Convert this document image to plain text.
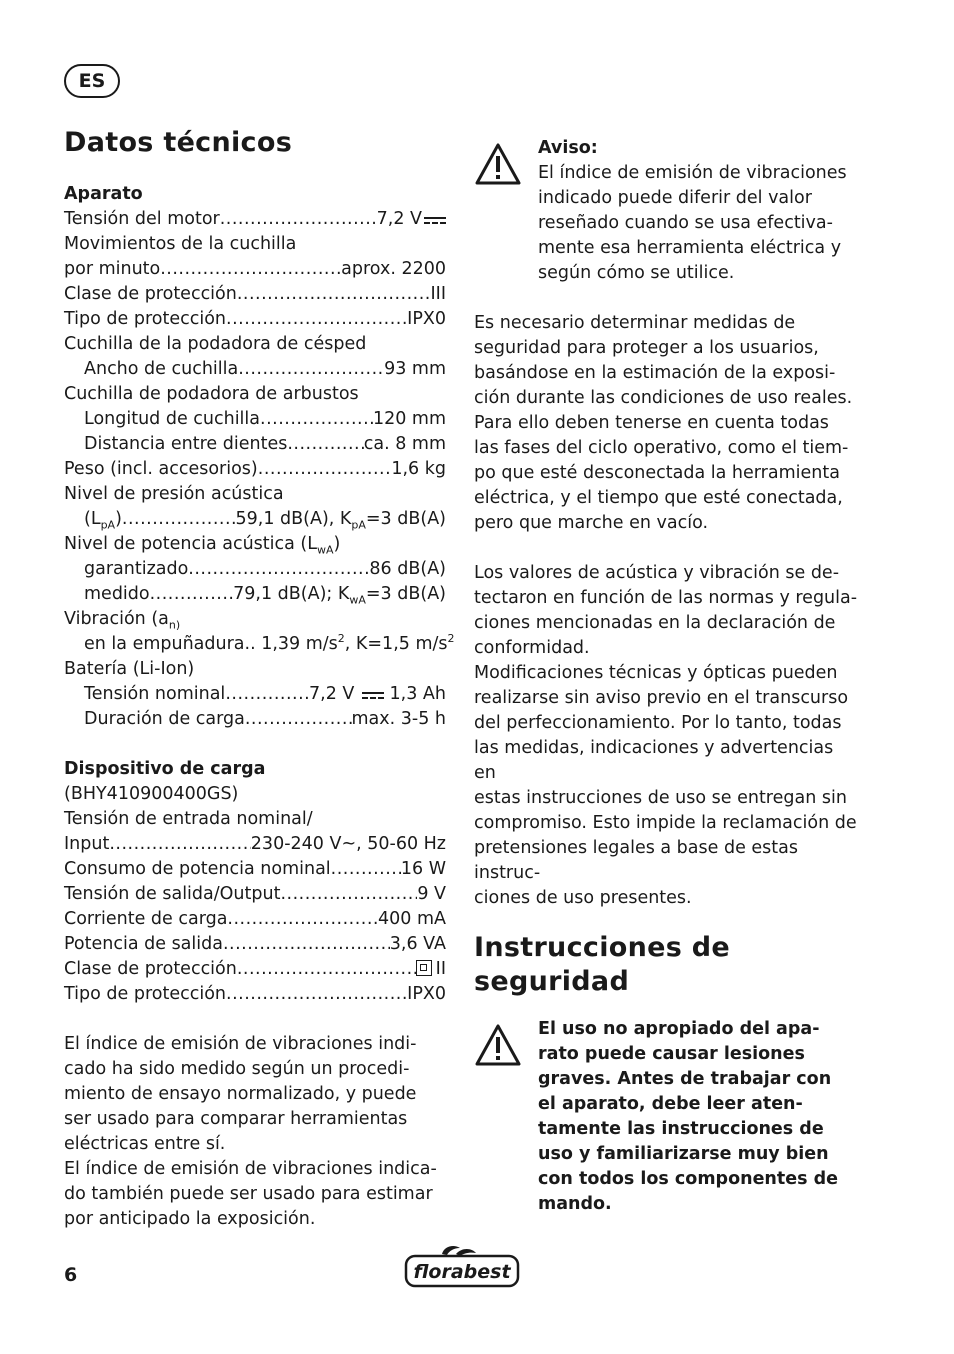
ES
Datos técnicos
Aparato
Tensión del motor .....	7,2 V
Movimientos de la cuchilla
por minuto .....	aprox. 2200
Clase de protección .....	III
Tipo de protección .....	IPX0
Cuchilla de la podadora de césped
Ancho de cuchilla .....	93 mm
Cuchilla de podadora de arbustos
Longitud de cuchilla .....	120 mm
Distancia entre dientes .....	ca. 8 mm
Peso (incl. accesorios) .....	1,6 kg
Nivel de presión acústica
$(L_{pA})$ .....	59,1 dB(A), $K_{pA}=3$ dB(A)
Nivel de potencia acústica $(L_{wA})$
garantizado .....	86 dB(A)
medido .....	79,1 dB(A); $K_{wA}=3$ dB(A)
Vibración ($a_{n)}$
en la empuñadura.. 1,39 $m/s^2$, K=1,5 $m/s^2$
Batería (Li-Ion)
Tensión nominal .....	7,2 V  1,3 Ah
Duración de carga .....	max. 3-5 h
Dispositivo de carga
(BHY410900400GS)
Tensión de entrada nominal/
Input .....	230-240 V~, 50-60 Hz
Consumo de potencia nominal .....	16 W
Tensión de salida/Output .....	9 V
Corriente de carga .....	400 mA
Potencia de salida .....	3,6 VA
Clase de protección .....	II
Tipo de protección .....	IPX0
El índice de emisión de vibraciones indi-
cado ha sido medido según un procedi-
miento de ensayo normalizado, y puede
ser usado para comparar herramientas
eléctricas entre sí.
El índice de emisión de vibraciones indica-
do también puede ser usado para estimar
por anticipado la exposición.
Aviso:

El índice de emisión de vibraciones

indicado puede diferir del valor

reseñado cuando se usa efectiva-

mente esa herramienta eléctrica y

según cómo se utilice.

Es necesario determinar medidas de
seguridad para proteger a los usuarios,
basándose en la estimación de la exposi-
ción durante las condiciones de uso reales.
Para ello deben tenerse en cuenta todas
las fases del ciclo operativo, como el tiem-
po que esté desconectada la herramienta
eléctrica, y el tiempo que esté conectada,
pero que marche en vacío.
Los valores de acústica y vibración se de-
tectaron en función de las normas y regula-
ciones mencionadas en la declaración de
conformidad.
Modificaciones técnicas y ópticas pueden
realizarse sin aviso previo en el transcurso
del perfeccionamiento. Por lo tanto, todas
las medidas, indicaciones y advertencias en
estas instrucciones de uso se entregan sin
compromiso. Esto impide la reclamación de
pretensiones legales a base de estas instruc-
ciones de uso presentes.
Instrucciones de
seguridad

El uso no apropiado del apa-

rato puede causar lesiones

graves. Antes de trabajar con

el aparato, debe leer aten-

tamente las instrucciones de

uso y familiarizarse muy bien

con todos los componentes de

mando.

6	florabest
